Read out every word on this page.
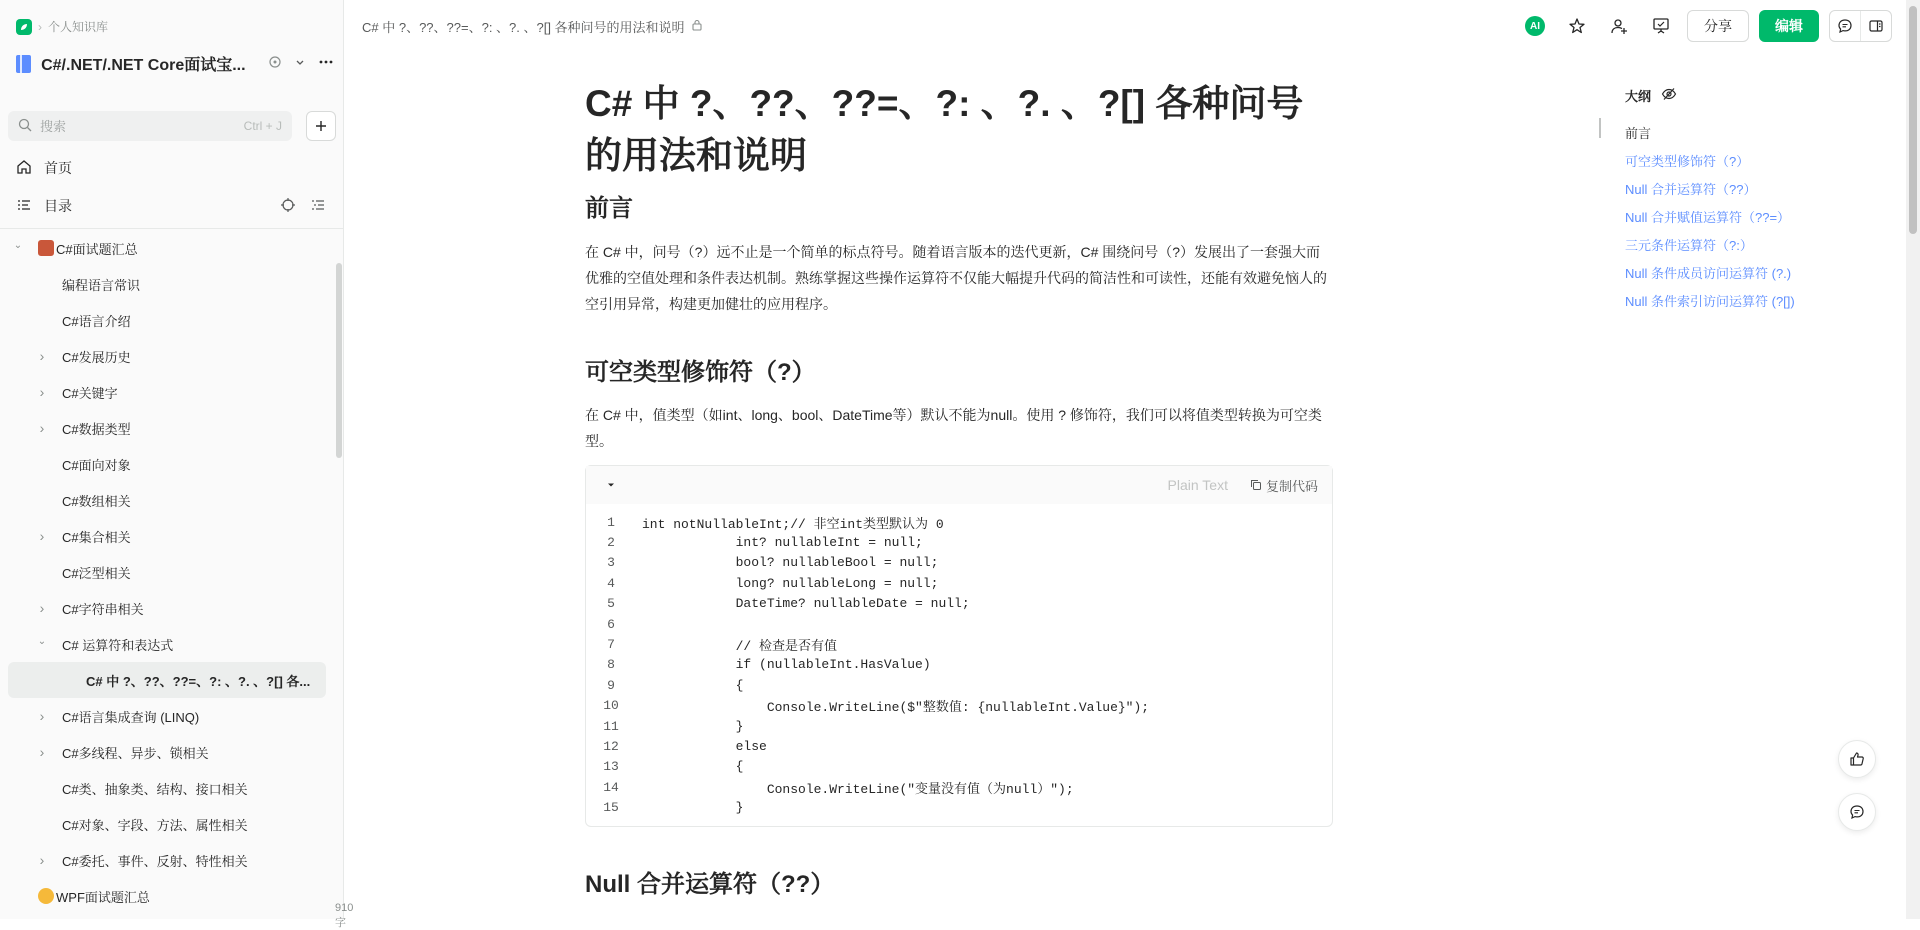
› 个人知识库
C#/.NET/.NET Core面试宝...
搜索
Ctrl + J
首页
目录
⌄	C#面试题汇总
编程语言常识
C#语言介绍
› C#发展历史
› C#关键字
› C#数据类型
C#面向对象
C#数组相关
› C#集合相关
C#泛型相关
› C#字符串相关
⌄ C# 运算符和表达式
C# 中 ?、??、??=、?: 、?. 、?[] 各...
› C#语言集成查询 (LINQ)
› C#多线程、异步、锁相关
C#类、抽象类、结构、接口相关
C#对象、字段、方法、属性相关
› C#委托、事件、反射、特性相关
WPF面试题汇总
910字
C# 中 ?、??、??=、?: 、?. 、?[] 各种问号的用法和说明	AI	分享	编辑
C# 中 ?、??、??=、?: 、?. 、?[] 各种问号的用法和说明
前言

在 C# 中，问号（?）远不止是一个简单的标点符号。随着语言版本的迭代更新，C# 围绕问号（?）发展出了一套强大而优雅的空值处理和条件表达机制。熟练掌握这些操作运算符不仅能大幅提升代码的简洁性和可读性，还能有效避免恼人的空引用异常，构建更加健壮的应用程序。

可空类型修饰符（?）

在 C# 中，值类型（如int、long、bool、DateTime等）默认不能为null。使用 ? 修饰符，我们可以将值类型转换为可空类型。

Plain Text	复制代码
1	int notNullableInt;// 非空int类型默认为 0
2	int? nullableInt = null;
3	bool? nullableBool = null;
4	long? nullableLong = null;
5	DateTime? nullableDate = null;
6
7	// 检查是否有值
8	if (nullableInt.HasValue)
9	{
10	Console.WriteLine($"整数值: {nullableInt.Value}");
11	}
12	else
13	{
14	Console.WriteLine("变量没有值（为null）");
15	}
Null 合并运算符（??）
大纲
前言
可空类型修饰符（?）
Null 合并运算符（??）
Null 合并赋值运算符（??=）
三元条件运算符（?:）
Null 条件成员访问运算符 (?.)
Null 条件索引访问运算符 (?[])
